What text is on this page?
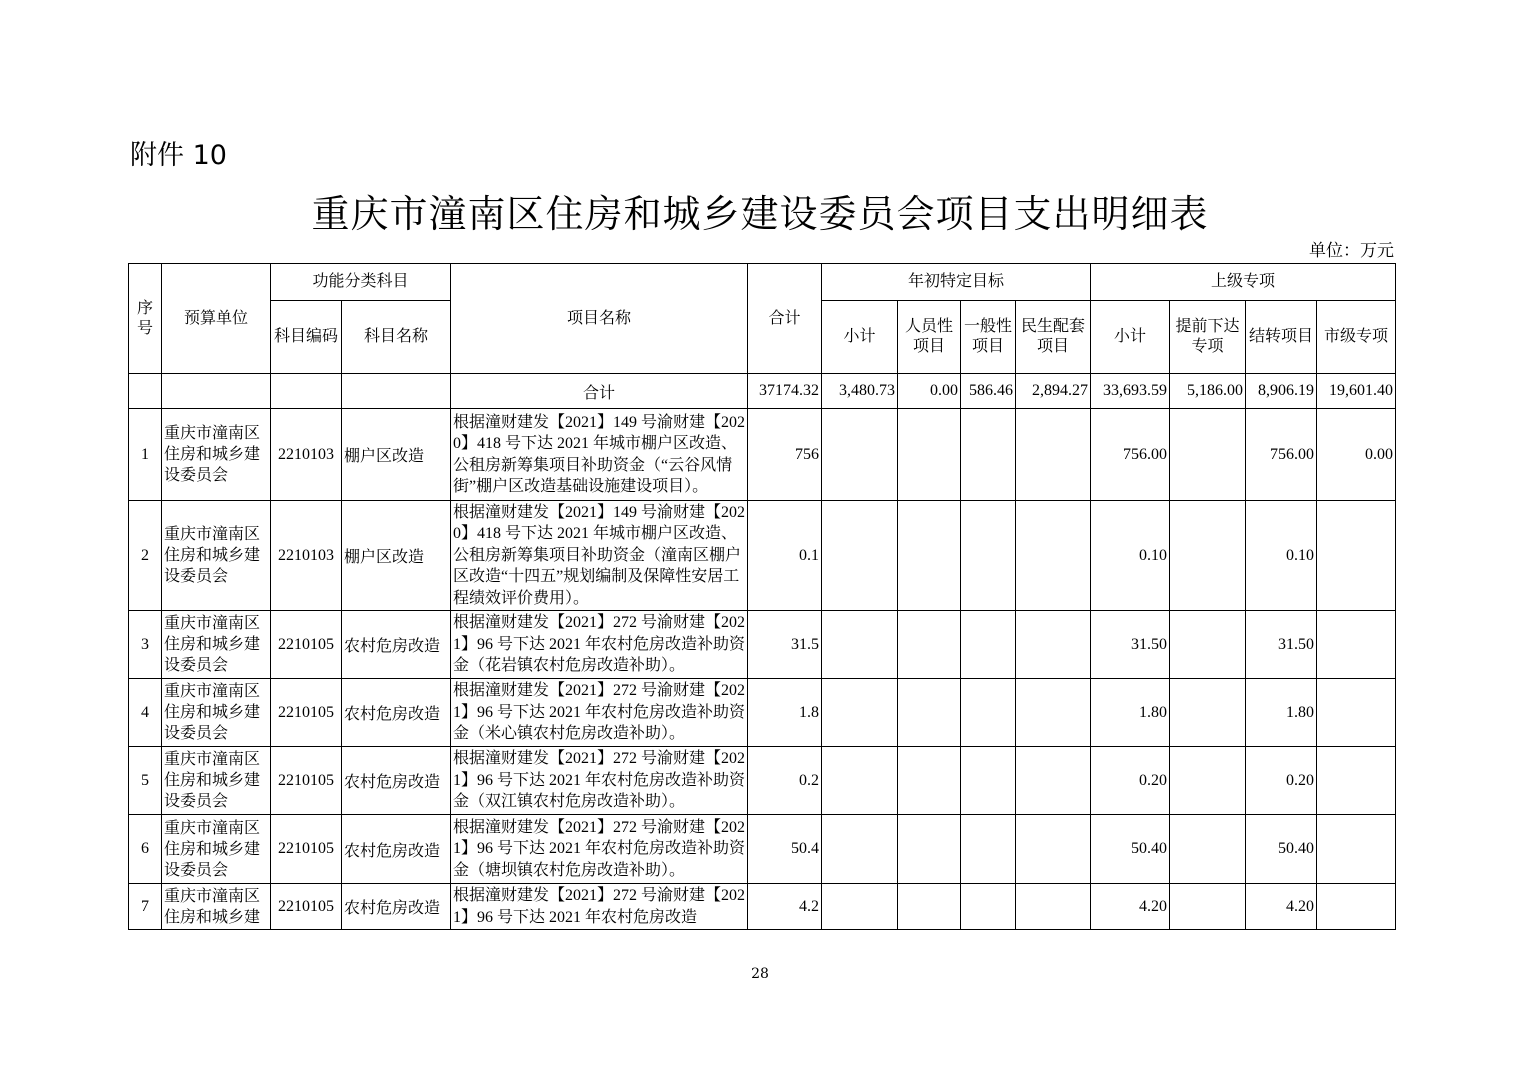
附件 10
重庆市潼南区住房和城乡建设委员会项目支出明细表
单位：万元
序号	预算单位	功能分类科目		项目名称	合计	年初特定目标				上级专项			
		科目编码	科目名称			小计	人员性项目	一般性项目	民生配套项目	小计	提前下达专项	结转项目	市级专项
				合计	37174.32	3,480.73	0.00	586.46	2,894.27	33,693.59	5,186.00	8,906.19	19,601.40
1	重庆市潼南区住房和城乡建设委员会	2210103	棚户区改造	根据潼财建发【2021】149 号渝财建【2020】418 号下达 2021 年城市棚户区改造、公租房新筹集项目补助资金（“云谷风情街”棚户区改造基础设施建设项目）。	756					756.00		756.00	0.00
2	重庆市潼南区住房和城乡建设委员会	2210103	棚户区改造	根据潼财建发【2021】149 号渝财建【2020】418 号下达 2021 年城市棚户区改造、公租房新筹集项目补助资金（潼南区棚户区改造“十四五”规划编制及保障性安居工程绩效评价费用）。	0.1					0.10		0.10	
3	重庆市潼南区住房和城乡建设委员会	2210105	农村危房改造	根据潼财建发【2021】272 号渝财建【2021】96 号下达 2021 年农村危房改造补助资金（花岩镇农村危房改造补助）。	31.5					31.50		31.50	
4	重庆市潼南区住房和城乡建设委员会	2210105	农村危房改造	根据潼财建发【2021】272 号渝财建【2021】96 号下达 2021 年农村危房改造补助资金（米心镇农村危房改造补助）。	1.8					1.80		1.80	
5	重庆市潼南区住房和城乡建设委员会	2210105	农村危房改造	根据潼财建发【2021】272 号渝财建【2021】96 号下达 2021 年农村危房改造补助资金（双江镇农村危房改造补助）。	0.2					0.20		0.20	
6	重庆市潼南区住房和城乡建设委员会	2210105	农村危房改造	根据潼财建发【2021】272 号渝财建【2021】96 号下达 2021 年农村危房改造补助资金（塘坝镇农村危房改造补助）。	50.4					50.40		50.40	
7	重庆市潼南区住房和城乡建	2210105	农村危房改造	根据潼财建发【2021】272 号渝财建【2021】96 号下达 2021 年农村危房改造	4.2					4.20		4.20	
28
